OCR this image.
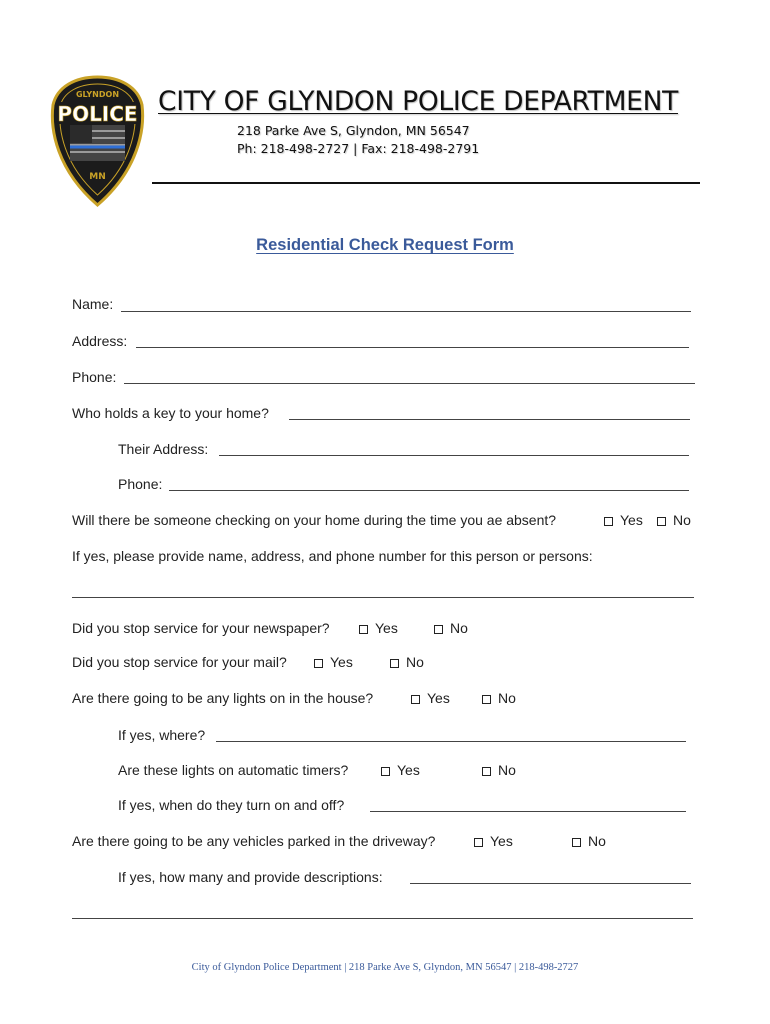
GLYNDON
POLICE
MN
CITY OF GLYNDON POLICE DEPARTMENT
218 Parke Ave S, Glyndon, MN 56547
Ph: 218-498-2727 | Fax: 218-498-2791
Residential Check Request Form
Name:
Address:
Phone:
Who holds a key to your home?
Their Address:
Phone:
Will there be someone checking on your home during the time you ae absent?	Yes	No
If yes, please provide name, address, and phone number for this person or persons:
Did you stop service for your newspaper?	Yes	No
Did you stop service for your mail?	Yes	No
Are there going to be any lights on in the house?	Yes	No
If yes, where?
Are these lights on automatic timers?	Yes	No
If yes, when do they turn on and off?
Are there going to be any vehicles parked in the driveway?	Yes	No
If yes, how many and provide descriptions:
City of Glyndon Police Department | 218 Parke Ave S, Glyndon, MN 56547 | 218-498-2727
